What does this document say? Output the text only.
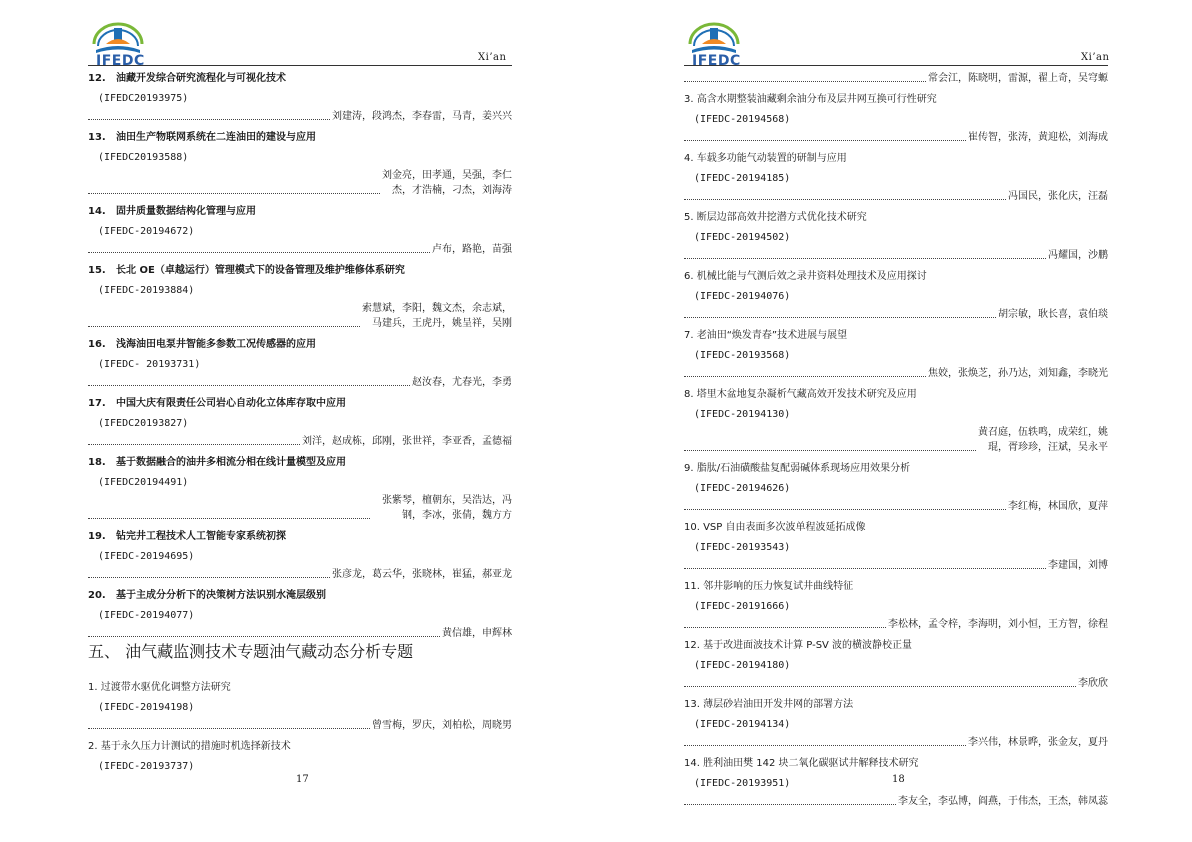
IFEDC	Xi’an
12. 油藏开发综合研究流程化与可视化技术
(IFEDC20193975)
刘建涛，段鸿杰，李春雷，马青，姜兴兴
13. 油田生产物联网系统在二连油田的建设与应用
(IFEDC20193588)
刘金亮，田孝通，吴强，李仁杰，才浩楠，刁杰，刘海涛
14. 固井质量数据结构化管理与应用
(IFEDC-20194672)
卢布，路艳，苗强
15. 长北 OE（卓越运行）管理模式下的设备管理及维护维修体系研究
(IFEDC-20193884)
索慧斌，李阳，魏文杰，余志斌，马建兵，王虎丹，姚呈祥，吴刚
16. 浅海油田电泵井智能多参数工况传感器的应用
(IFEDC- 20193731)
赵汝春，尤春光，李勇
17. 中国大庆有限责任公司岩心自动化立体库存取中应用
(IFEDC20193827)
刘洋，赵成栋，邱刚，张世祥，李亚香，孟德福
18. 基于数据融合的油井多相流分相在线计量模型及应用
(IFEDC20194491)
张紫琴，檀朝东，吴浩达，冯钢，李冰，张倩，魏方方
19. 钻完井工程技术人工智能专家系统初探
(IFEDC-20194695)
张彦龙，葛云华，张晓林，崔猛，郝亚龙
20. 基于主成分分析下的决策树方法识别水淹层级别
(IFEDC-20194077)
黄信雄，申辉林
五、 油气藏监测技术专题油气藏动态分析专题
1. 过渡带水驱优化调整方法研究
(IFEDC-20194198)
曾雪梅，罗庆，刘柏松，周晓男
2. 基于永久压力计测试的措施时机选择新技术
(IFEDC-20193737)
17
IFEDC	Xi’an
常会江，陈晓明，雷源，翟上奇，吴穹螈
3. 高含水期整装油藏剩余油分布及层井网互换可行性研究
(IFEDC-20194568)
崔传智，张涛，黄迎松，刘海成
4. 车载多功能气动装置的研制与应用
(IFEDC-20194185)
冯国民，张化庆，汪磊
5. 断层边部高效井挖潜方式优化技术研究
(IFEDC-20194502)
冯耀国，沙鹏
6. 机械比能与气测后效之录井资料处理技术及应用探讨
(IFEDC-20194076)
胡宗敏，耿长喜，袁伯琰
7. 老油田“焕发青春”技术进展与展望
(IFEDC-20193568)
焦姣，张焕芝，孙乃达，刘知鑫，李晓光
8. 塔里木盆地复杂凝析气藏高效开发技术研究及应用
(IFEDC-20194130)
黄召庭，伍轶鸣，成荣红，姚琨，胥珍珍，汪斌，吴永平
9. 脂肽/石油磺酸盐复配弱碱体系现场应用效果分析
(IFEDC-20194626)
李红梅，林国欣，夏萍
10. VSP 自由表面多次波单程波延拓成像
(IFEDC-20193543)
李建国，刘博
11. 邻井影响的压力恢复试井曲线特征
(IFEDC-20191666)
李松林，孟令梓，李海明，刘小恒，王方智，徐程
12. 基于改进面波技术计算 P-SV 波的横波静校正量
(IFEDC-20194180)
李欣欣
13. 薄层砂岩油田开发井网的部署方法
(IFEDC-20194134)
李兴伟，林景晔，张金友，夏丹
14. 胜利油田樊 142 块二氧化碳驱试井解释技术研究
(IFEDC-20193951)
李友全，李弘博，阎燕，于伟杰，王杰，韩凤蕊
18
